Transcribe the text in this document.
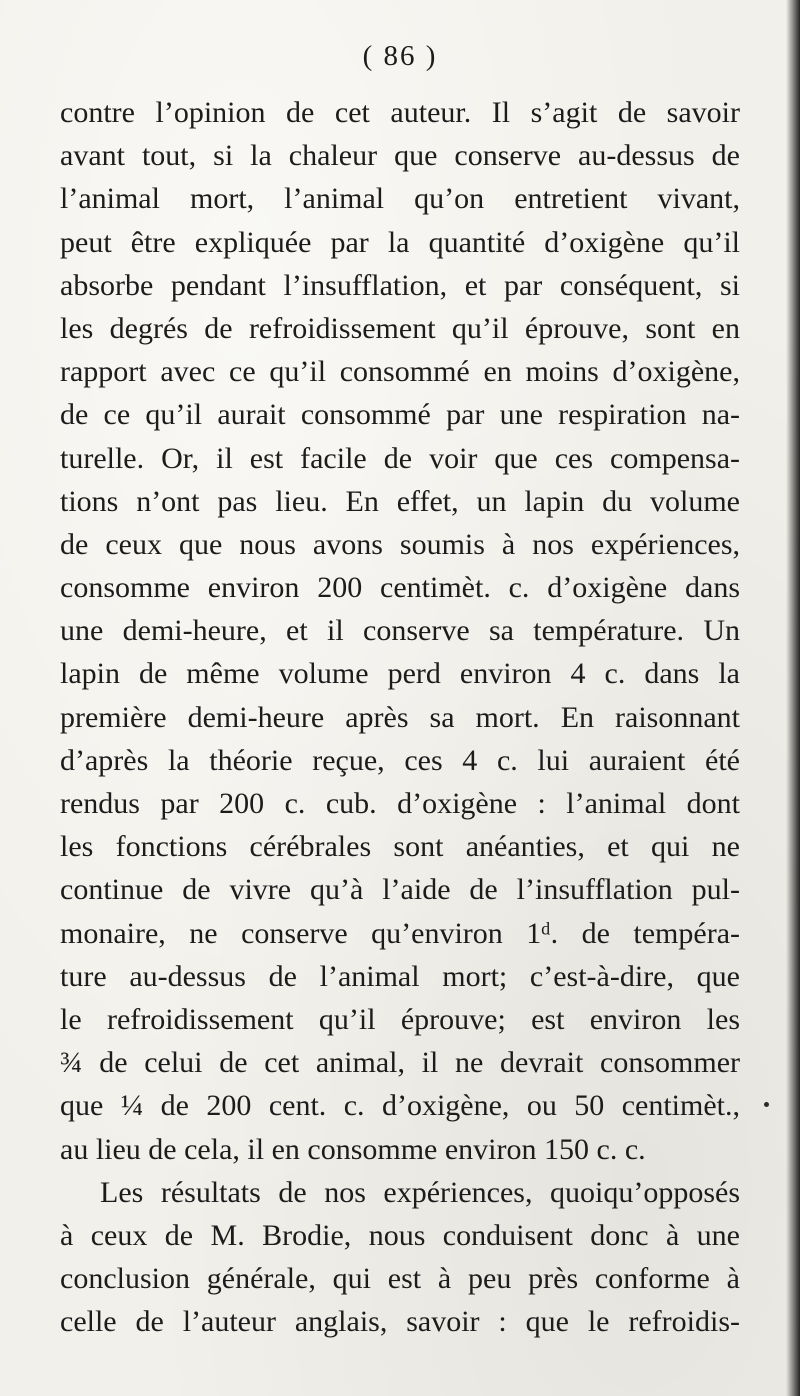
( 86 )

contre l’opinion de cet auteur. Il s’agit de savoir
avant tout, si la chaleur que conserve au-dessus de
l’animal mort, l’animal qu’on entretient vivant,
peut être expliquée par la quantité d’oxigène qu’il
absorbe pendant l’insufflation, et par conséquent, si
les degrés de refroidissement qu’il éprouve, sont en
rapport avec ce qu’il consommé en moins d’oxigène,
de ce qu’il aurait consommé par une respiration na-
turelle. Or, il est facile de voir que ces compensa-
tions n’ont pas lieu. En effet, un lapin du volume
de ceux que nous avons soumis à nos expériences,
consomme environ 200 centimèt. c. d’oxigène dans
une demi-heure, et il conserve sa température. Un
lapin de même volume perd environ 4 c. dans la
première demi-heure après sa mort. En raisonnant
d’après la théorie reçue, ces 4 c. lui auraient été
rendus par 200 c. cub. d’oxigène : l’animal dont
les fonctions cérébrales sont anéanties, et qui ne
continue de vivre qu’à l’aide de l’insufflation pul-
monaire, ne conserve qu’environ 1ᵈ. de tempéra-
ture au-dessus de l’animal mort; c’est-à-dire, que
le refroidissement qu’il éprouve; est environ les
¾ de celui de cet animal, il ne devrait consommer
que ¼ de 200 cent. c. d’oxigène, ou 50 centimèt.,
au lieu de cela, il en consomme environ 150 c. c.

Les résultats de nos expériences, quoiqu’opposés
à ceux de M. Brodie, nous conduisent donc à une
conclusion générale, qui est à peu près conforme à
celle de l’auteur anglais, savoir : que le refroidis-
